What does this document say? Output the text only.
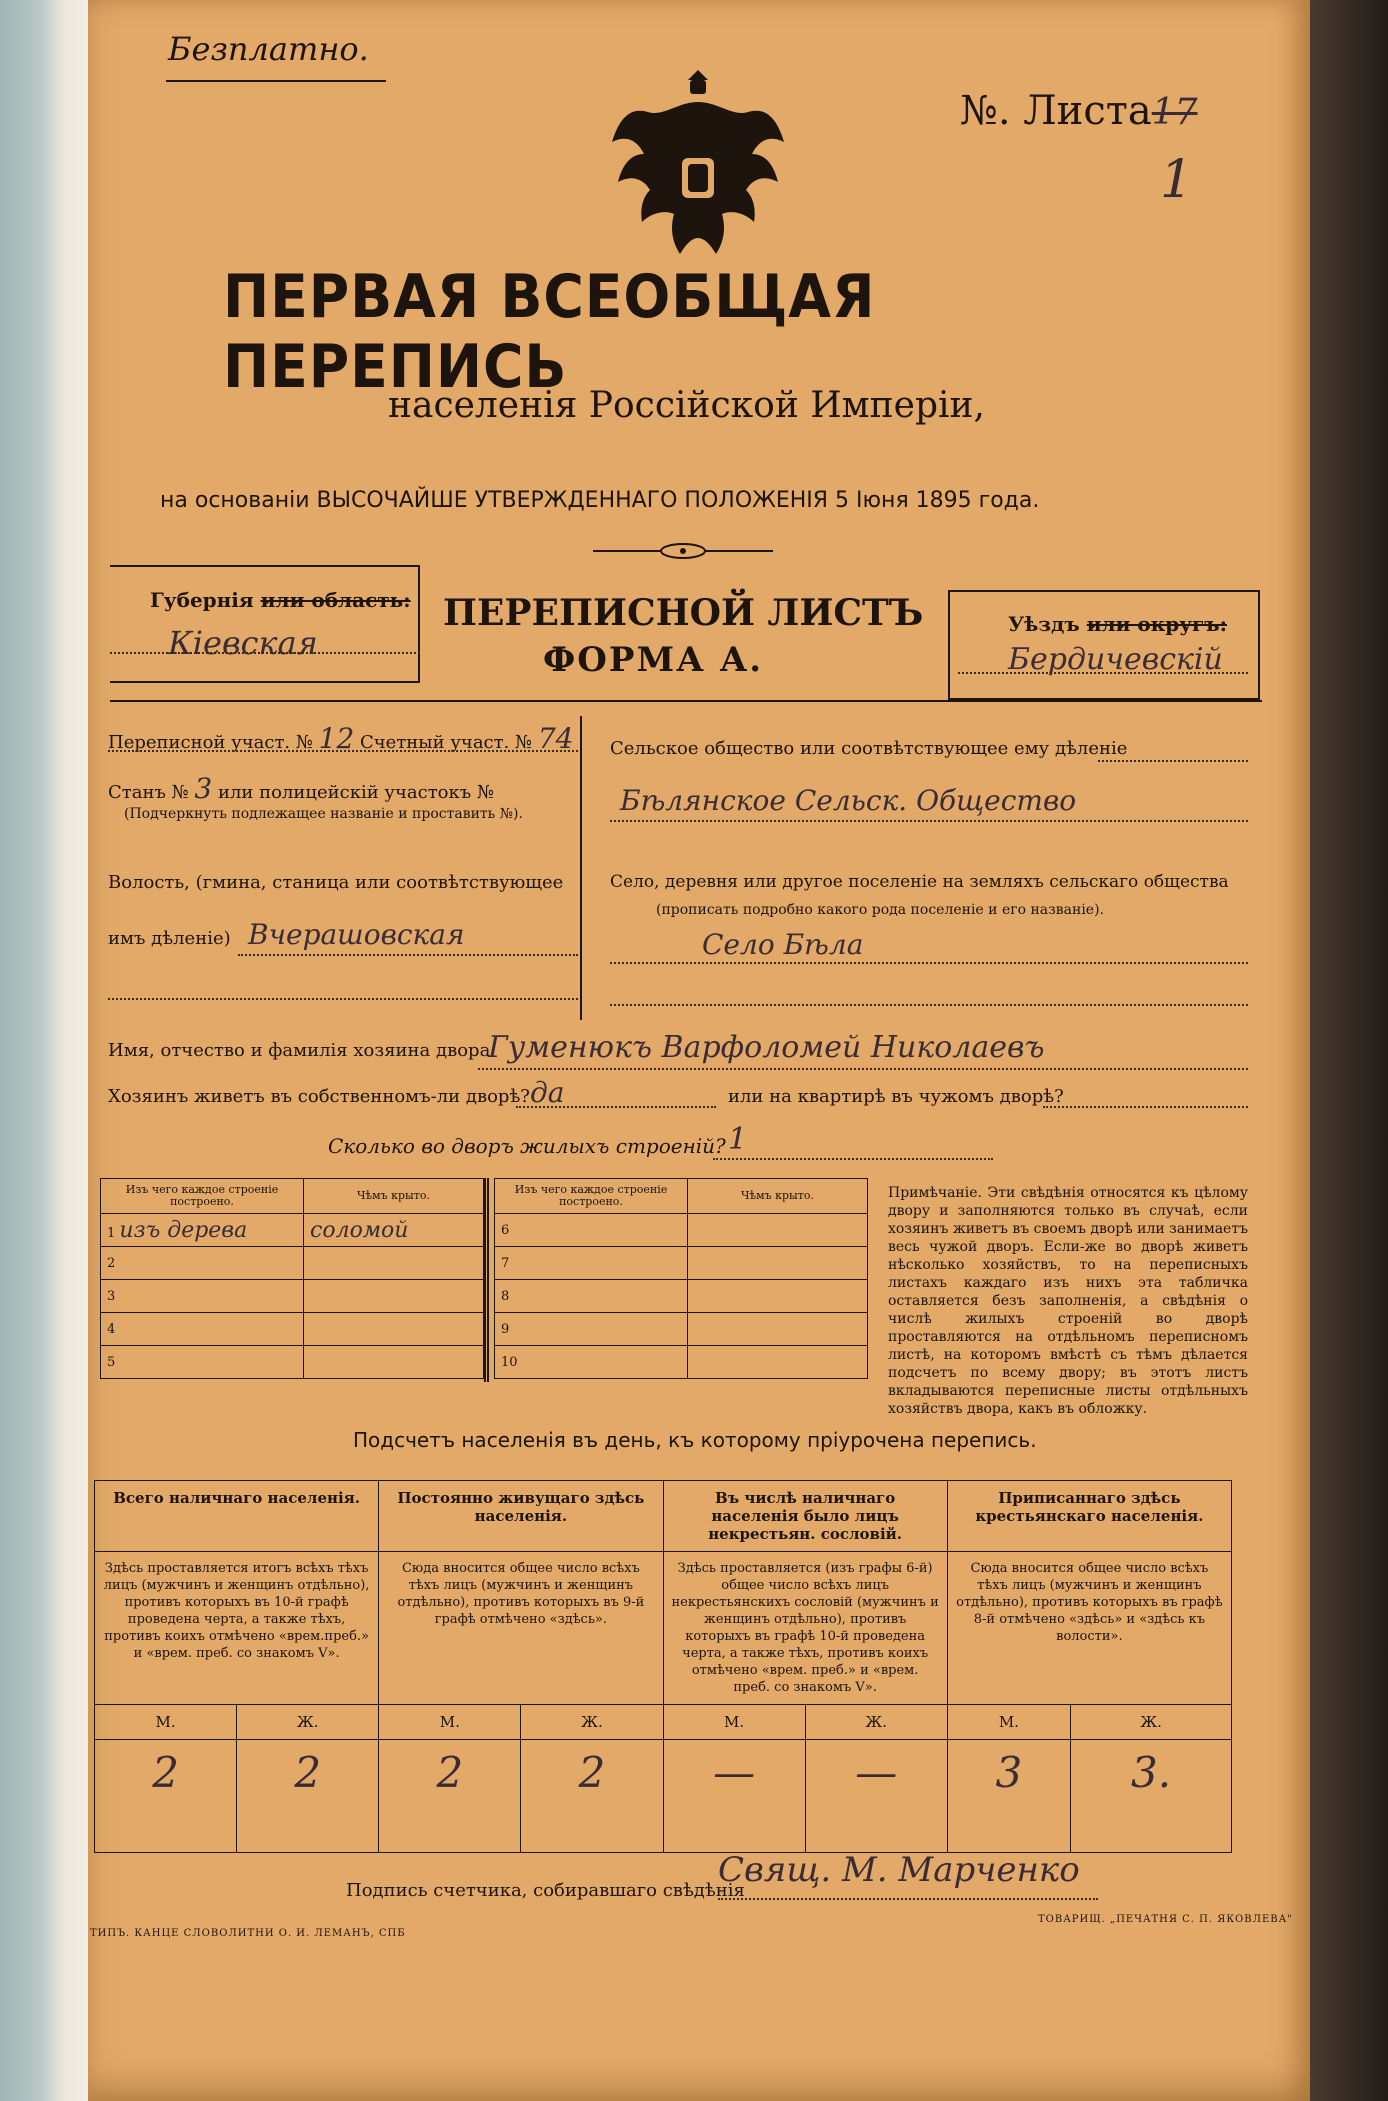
Безплатно.
№. Листа17
1
ПЕРВАЯ ВСЕОБЩАЯ ПЕРЕПИСЬ
населенія Россійской Имперіи,
на основаніи ВЫСОЧАЙШЕ УТВЕРЖДЕННАГО ПОЛОЖЕНІЯ 5 Іюня 1895 года.
Губернія или область:
Кіевская
ПЕРЕПИСНОЙ ЛИСТЪ
ФОРМА А.
Уѣздъ или округъ:
Бердичевскій
Переписной участ. № 12 Счетный участ. № 74
Станъ № 3 или полицейскій участокъ №
(Подчеркнуть подлежащее названіе и проставить №).
Волость, (гмина, станица или соотвѣтствующее
имъ дѣленіе) Вчерашовская
Сельское общество или соотвѣтствующее ему дѣленіе
Бѣлянское Сельск. Общество
Село, деревня или другое поселеніе на земляхъ сельскаго общества
(прописать подробно какого рода поселеніе и его названіе).
Село Бѣла
Имя, отчество и фамилія хозяина двора
Гуменюкъ Варфоломей Николаевъ
Хозяинъ живетъ въ собственномъ-ли дворѣ? да	или на квартирѣ въ чужомъ дворѣ?
Сколько во дворъ жилыхъ строеній? 1
Изъ чего каждое строеніе построено.	Чѣмъ крыто.
1 изъ дерева	соломой
2	
3	
4	
5	
Изъ чего каждое строеніе построено.	Чѣмъ крыто.
6	
7	
8	
9	
10	
Примѣчаніе. Эти свѣдѣнія относятся къ цѣлому двору и заполняются только въ случаѣ, если хозяинъ живетъ въ своемъ дворѣ или занимаетъ весь чужой дворъ. Если-же во дворѣ живетъ нѣсколько хозяйствъ, то на переписныхъ листахъ каждаго изъ нихъ эта табличка оставляется безъ заполненія, а свѣдѣнія о числѣ жилыхъ строеній во дворѣ проставляются на отдѣльномъ переписномъ листѣ, на которомъ вмѣстѣ съ тѣмъ дѣлается подсчетъ по всему двору; въ этотъ листъ вкладываются переписные листы отдѣльныхъ хозяйствъ двора, какъ въ обложку.
Подсчетъ населенія въ день, къ которому пріурочена перепись.
Всего наличнаго населенія.		Постоянно живущаго здѣсь населенія.		Въ числѣ наличнаго населенія было лицъ некрестьян. сословій.		Приписаннаго здѣсь крестьянскаго населенія.	
Здѣсь проставляется итогъ всѣхъ тѣхъ лицъ (мужчинъ и женщинъ отдѣльно), противъ которыхъ въ 10-й графѣ проведена черта, а также тѣхъ, противъ коихъ отмѣчено «врем.преб.» и «врем. преб. со знакомъ V».		Сюда вносится общее число всѣхъ тѣхъ лицъ (мужчинъ и женщинъ отдѣльно), противъ которыхъ въ 9-й графѣ отмѣчено «здѣсь».		Здѣсь проставляется (изъ графы 6-й) общее число всѣхъ лицъ некрестьянскихъ сословій (мужчинъ и женщинъ отдѣльно), противъ которыхъ въ графѣ 10-й проведена черта, а также тѣхъ, противъ коихъ отмѣчено «врем. преб.» и «врем. преб. со знакомъ V».		Сюда вносится общее число всѣхъ тѣхъ лицъ (мужчинъ и женщинъ отдѣльно), противъ которыхъ въ графѣ 8-й отмѣчено «здѣсь» и «здѣсь къ волости».	
М.	Ж.	М.	Ж.	М.	Ж.	М.	Ж.
2	2	2	2	—	—	3	3.
Подпись счетчика, собиравшаго свѣдѣнія
Свящ. М. Марченко
ТИПЪ. КАНЦЕ СЛОВОЛИТНИ О. И. ЛЕМАНЪ, СПБ
ТОВАРИЩ. „ПЕЧАТНЯ С. П. ЯКОВЛЕВА"
